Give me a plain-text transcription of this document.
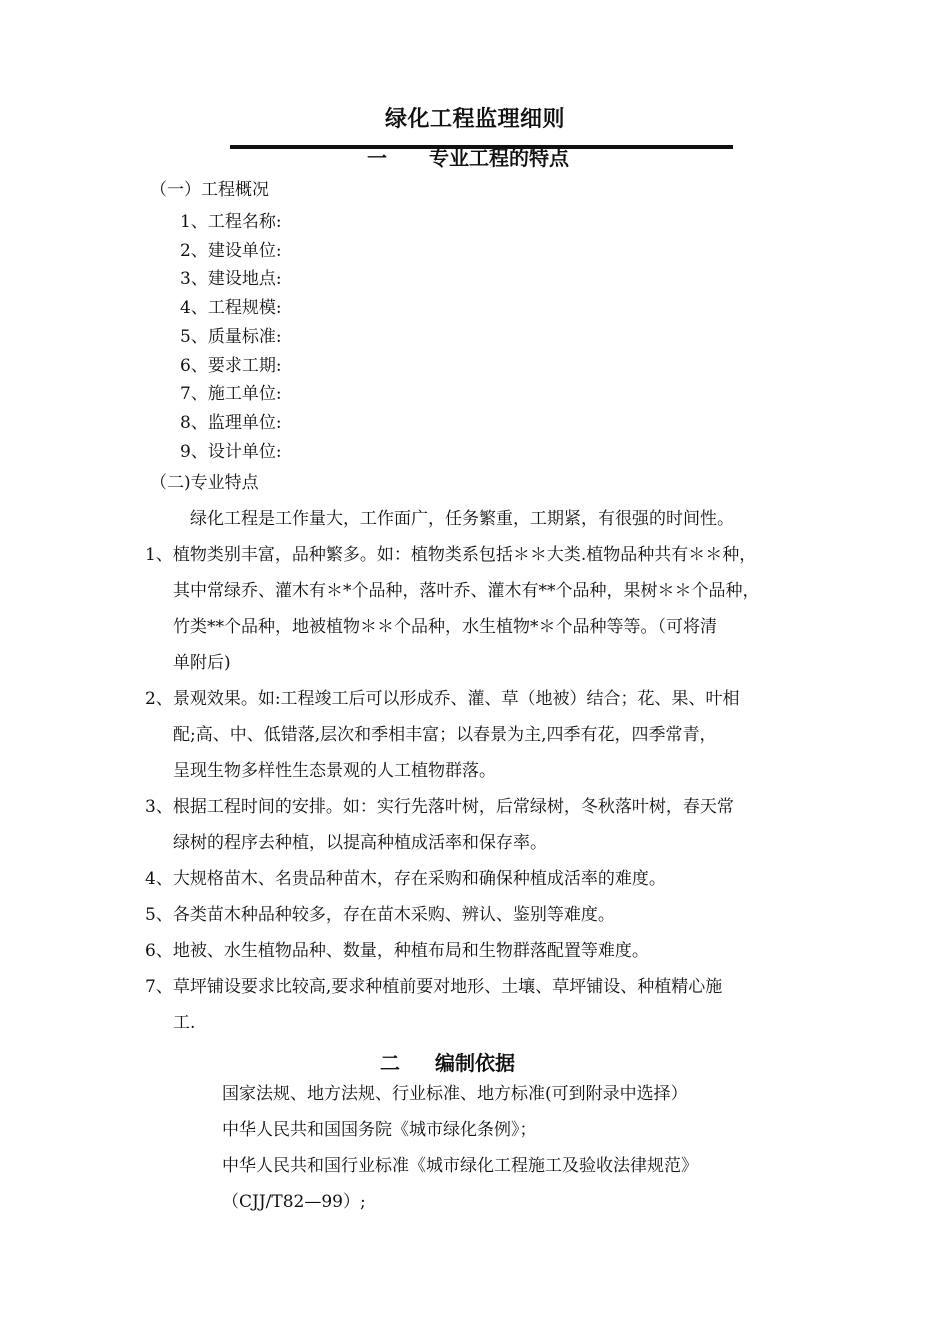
绿化工程监理细则
一 专业工程的特点
（一）工程概况
1、工程名称:
2、建设单位:
3、建设地点:
4、工程规模:
5、质量标准:
6、要求工期:
7、施工单位:
8、监理单位:
9、设计单位:
（二)专业特点
绿化工程是工作量大，工作面广，任务繁重，工期紧，有很强的时间性。
1、植物类别丰富，品种繁多。如：植物类系包括＊＊大类.植物品种共有＊＊种，
其中常绿乔、灌木有＊*个品种，落叶乔、灌木有**个品种，果树＊＊个品种，
竹类**个品种，地被植物＊＊个品种，水生植物*＊个品种等等。（可将清
单附后)
2、景观效果。如:工程竣工后可以形成乔、灌、草（地被）结合；花、果、叶相
配;高、中、低错落,层次和季相丰富；以春景为主,四季有花，四季常青，
呈现生物多样性生态景观的人工植物群落。
3、根据工程时间的安排。如：实行先落叶树，后常绿树，冬秋落叶树，春天常
绿树的程序去种植，以提高种植成活率和保存率。
4、大规格苗木、名贵品种苗木，存在采购和确保种植成活率的难度。
5、各类苗木种品种较多，存在苗木采购、辨认、鉴别等难度。
6、地被、水生植物品种、数量，种植布局和生物群落配置等难度。
7、草坪铺设要求比较高,要求种植前要对地形、土壤、草坪铺设、种植精心施
工.
二 编制依据
国家法规、地方法规、行业标准、地方标准(可到附录中选择）
中华人民共和国国务院《城市绿化条例》；
中华人民共和国行业标准《城市绿化工程施工及验收法律规范》
（CJJ/T82—99）;
